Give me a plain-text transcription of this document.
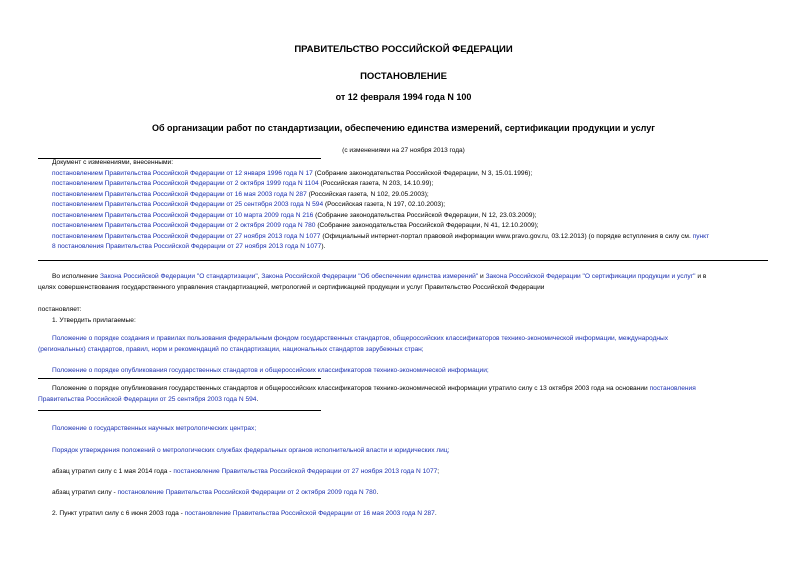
ПРАВИТЕЛЬСТВО РОССИЙСКОЙ ФЕДЕРАЦИИ
ПОСТАНОВЛЕНИЕ
от 12 февраля 1994 года N 100
Об организации работ по стандартизации, обеспечению единства измерений, сертификации продукции и услуг
(с изменениями на 27 ноября 2013 года)
Документ с изменениями, внесенными:
постановлением Правительства Российской Федерации от 12 января 1996 года N 17 (Собрание законодательства Российской Федерации, N 3, 15.01.1996);
постановлением Правительства Российской Федерации от 2 октября 1999 года N 1104 (Российская газета, N 203, 14.10.99);
постановлением Правительства Российской Федерации от 16 мая 2003 года N 287 (Российская газета, N 102, 29.05.2003);
постановлением Правительства Российской Федерации от 25 сентября 2003 года N 594 (Российская газета, N 197, 02.10.2003);
постановлением Правительства Российской Федерации от 10 марта 2009 года N 216 (Собрание законодательства Российской Федерации, N 12, 23.03.2009);
постановлением Правительства Российской Федерации от 2 октября 2009 года N 780 (Собрание законодательства Российской Федерации, N 41, 12.10.2009);
постановлением Правительства Российской Федерации от 27 ноября 2013 года N 1077 (Официальный интернет-портал правовой информации www.pravo.gov.ru, 03.12.2013) (о порядке вступления в силу см. пункт
8 постановления Правительства Российской Федерации от 27 ноября 2013 года N 1077).
Во исполнение Закона Российской Федерации "О стандартизации", Закона Российской Федерации "Об обеспечении единства измерений" и Закона Российской Федерации "О сертификации продукции и услуг" и в
целях совершенствования государственного управления стандартизацией, метрологией и сертификацией продукции и услуг Правительство Российской Федерации
постановляет:
1. Утвердить прилагаемые:
Положение о порядке создания и правилах пользования федеральным фондом государственных стандартов, общероссийских классификаторов технико-экономической информации, международных
(региональных) стандартов, правил, норм и рекомендаций по стандартизации, национальных стандартов зарубежных стран;
Положение о порядке опубликования государственных стандартов и общероссийских классификаторов технико-экономической информации;
Положение о порядке опубликования государственных стандартов и общероссийских классификаторов технико-экономической информации утратило силу с 13 октября 2003 года на основании постановления
Правительства Российской Федерации от 25 сентября 2003 года N 594.
Положение о государственных научных метрологических центрах;
Порядок утверждения положений о метрологических службах федеральных органов исполнительной власти и юридических лиц;
абзац утратил силу с 1 мая 2014 года - постановление Правительства Российской Федерации от 27 ноября 2013 года N 1077;
абзац утратил силу - постановление Правительства Российской Федерации от 2 октября 2009 года N 780.
2. Пункт утратил силу с 6 июня 2003 года - постановление Правительства Российской Федерации от 16 мая 2003 года N 287.
